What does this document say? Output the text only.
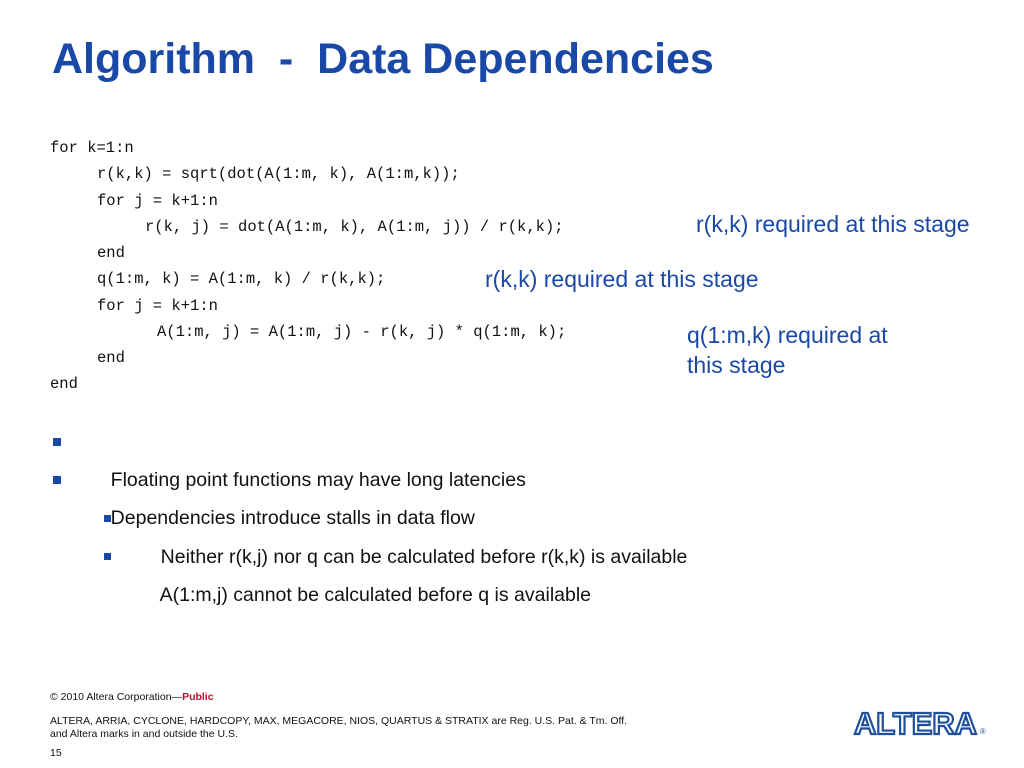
Algorithm  -  Data Dependencies
for k=1:n
r(k,k) = sqrt(dot(A(1:m, k), A(1:m,k));
for j = k+1:n
r(k, j) = dot(A(1:m, k), A(1:m, j)) / r(k,k);
end
q(1:m, k) = A(1:m, k) / r(k,k);
for j = k+1:n
A(1:m, j) = A(1:m, j) - r(k, j) * q(1:m, k);
end
end
r(k,k) required at this stage
r(k,k) required at this stage
q(1:m,k) required at
this stage

Floating point functions may have long latencies

Dependencies introduce stalls in data flow

Neither r(k,j) nor q can be calculated before r(k,k) is available

A(1:m,j) cannot be calculated before q is available

© 2010 Altera Corporation—Public
ALTERA, ARRIA, CYCLONE, HARDCOPY, MAX, MEGACORE, NIOS, QUARTUS & STRATIX are Reg. U.S. Pat. & Tm. Off.
and Altera marks in and outside the U.S.
15
ALTERA ®
